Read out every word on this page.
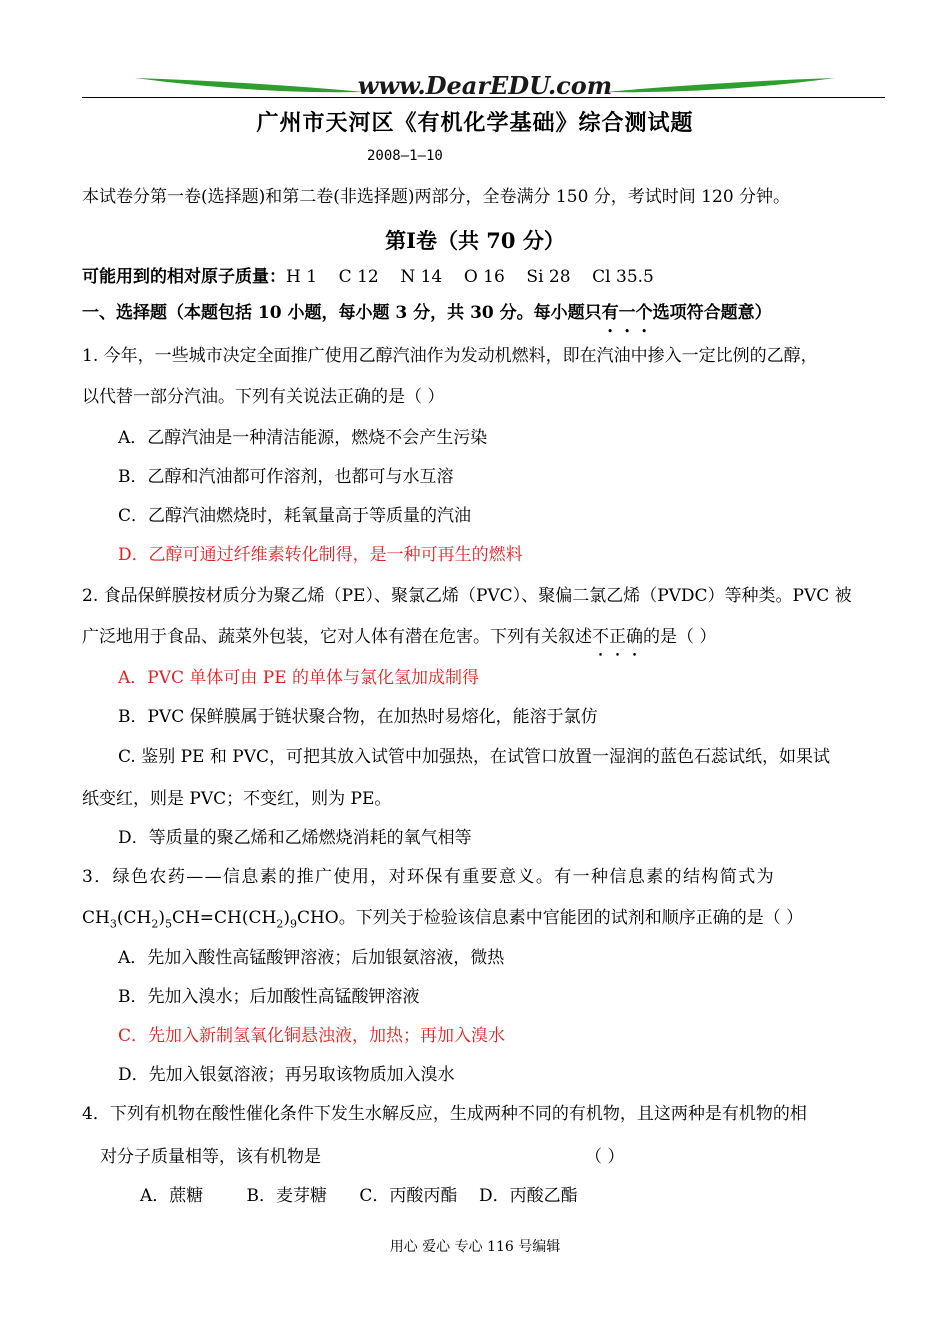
www.DearEDU.com
广州市天河区《有机化学基础》综合测试题
2008—1—10
本试卷分第一卷(选择题)和第二卷(非选择题)两部分，全卷满分 150 分，考试时间 120 分钟。
第Ⅰ卷（共 70 分）
可能用到的相对原子质量：H 1    C 12    N 14    O 16    Si 28    Cl 35.5
一、选择题（本题包括 10 小题，每小题 3 分，共 30 分。每小题只有一个选项符合题意）
1. 今年，一些城市决定全面推广使用乙醇汽油作为发动机燃料，即在汽油中掺入一定比例的乙醇，
以代替一部分汽油。下列有关说法正确的是（ ）
A．乙醇汽油是一种清洁能源，燃烧不会产生污染
B．乙醇和汽油都可作溶剂，也都可与水互溶
C．乙醇汽油燃烧时，耗氧量高于等质量的汽油
D．乙醇可通过纤维素转化制得，是一种可再生的燃料
2. 食品保鲜膜按材质分为聚乙烯（PE）、聚氯乙烯（PVC）、聚偏二氯乙烯（PVDC）等种类。PVC 被
广泛地用于食品、蔬菜外包装，它对人体有潜在危害。下列有关叙述不正确的是（ ）
A．PVC 单体可由 PE 的单体与氯化氢加成制得
B．PVC 保鲜膜属于链状聚合物，在加热时易熔化，能溶于氯仿
C. 鉴别 PE 和 PVC，可把其放入试管中加强热，在试管口放置一湿润的蓝色石蕊试纸，如果试
纸变红，则是 PVC；不变红，则为 PE。
D．等质量的聚乙烯和乙烯燃烧消耗的氧气相等
3．绿色农药——信息素的推广使用，对环保有重要意义。有一种信息素的结构简式为
$CH_3(CH_2)_5CH=CH(CH_2)_9CHO$。下列关于检验该信息素中官能团的试剂和顺序正确的是（ ）
A．先加入酸性高锰酸钾溶液；后加银氨溶液，微热
B．先加入溴水；后加酸性高锰酸钾溶液
C．先加入新制氢氧化铜悬浊液，加热；再加入溴水
D．先加入银氨溶液；再另取该物质加入溴水
4．下列有机物在酸性催化条件下发生水解反应，生成两种不同的有机物，且这两种是有机物的相
对分子质量相等，该有机物是	（ ）
A．蔗糖        B．麦芽糖      C．丙酸丙酯    D．丙酸乙酯
用心 爱心 专心 116 号编辑
